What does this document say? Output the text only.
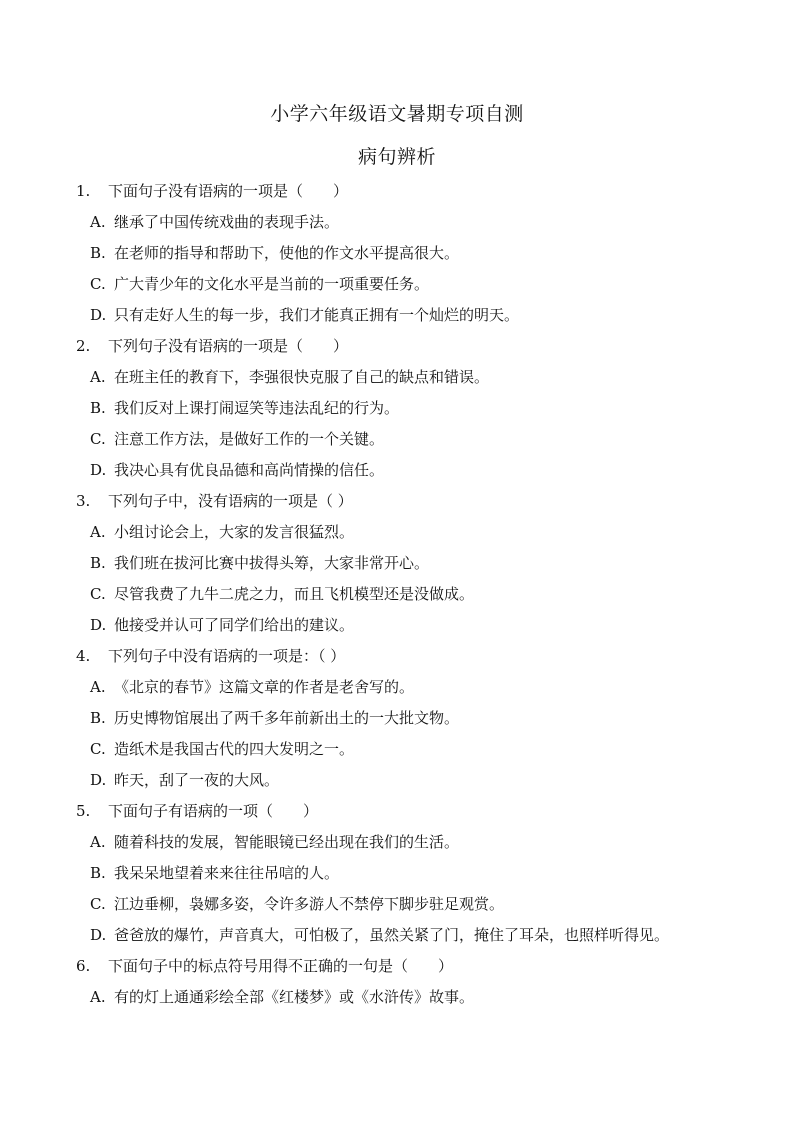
小学六年级语文暑期专项自测
病句辨析
1. 下面句子没有语病的一项是（　　）
A. 继承了中国传统戏曲的表现手法。
B. 在老师的指导和帮助下，使他的作文水平提高很大。
C. 广大青少年的文化水平是当前的一项重要任务。
D. 只有走好人生的每一步，我们才能真正拥有一个灿烂的明天。
2. 下列句子没有语病的一项是（　　）
A. 在班主任的教育下，李强很快克服了自己的缺点和错误。
B. 我们反对上课打闹逗笑等违法乱纪的行为。
C. 注意工作方法，是做好工作的一个关键。
D. 我决心具有优良品德和高尚情操的信任。
3. 下列句子中，没有语病的一项是（ ）
A. 小组讨论会上，大家的发言很猛烈。
B. 我们班在拔河比赛中拔得头筹，大家非常开心。
C. 尽管我费了九牛二虎之力，而且飞机模型还是没做成。
D. 他接受并认可了同学们给出的建议。
4. 下列句子中没有语病的一项是：（ ）
A. 《北京的春节》这篇文章的作者是老舍写的。
B. 历史博物馆展出了两千多年前新出土的一大批文物。
C. 造纸术是我国古代的四大发明之一。
D. 昨天，刮了一夜的大风。
5. 下面句子有语病的一项（　　）
A. 随着科技的发展，智能眼镜已经出现在我们的生活。
B. 我呆呆地望着来来往往吊唁的人。
C. 江边垂柳，袅娜多姿，令许多游人不禁停下脚步驻足观赏。
D. 爸爸放的爆竹，声音真大，可怕极了，虽然关紧了门，掩住了耳朵，也照样听得见。
6. 下面句子中的标点符号用得不正确的一句是（　　）
A. 有的灯上通通彩绘全部《红楼梦》或《水浒传》故事。
